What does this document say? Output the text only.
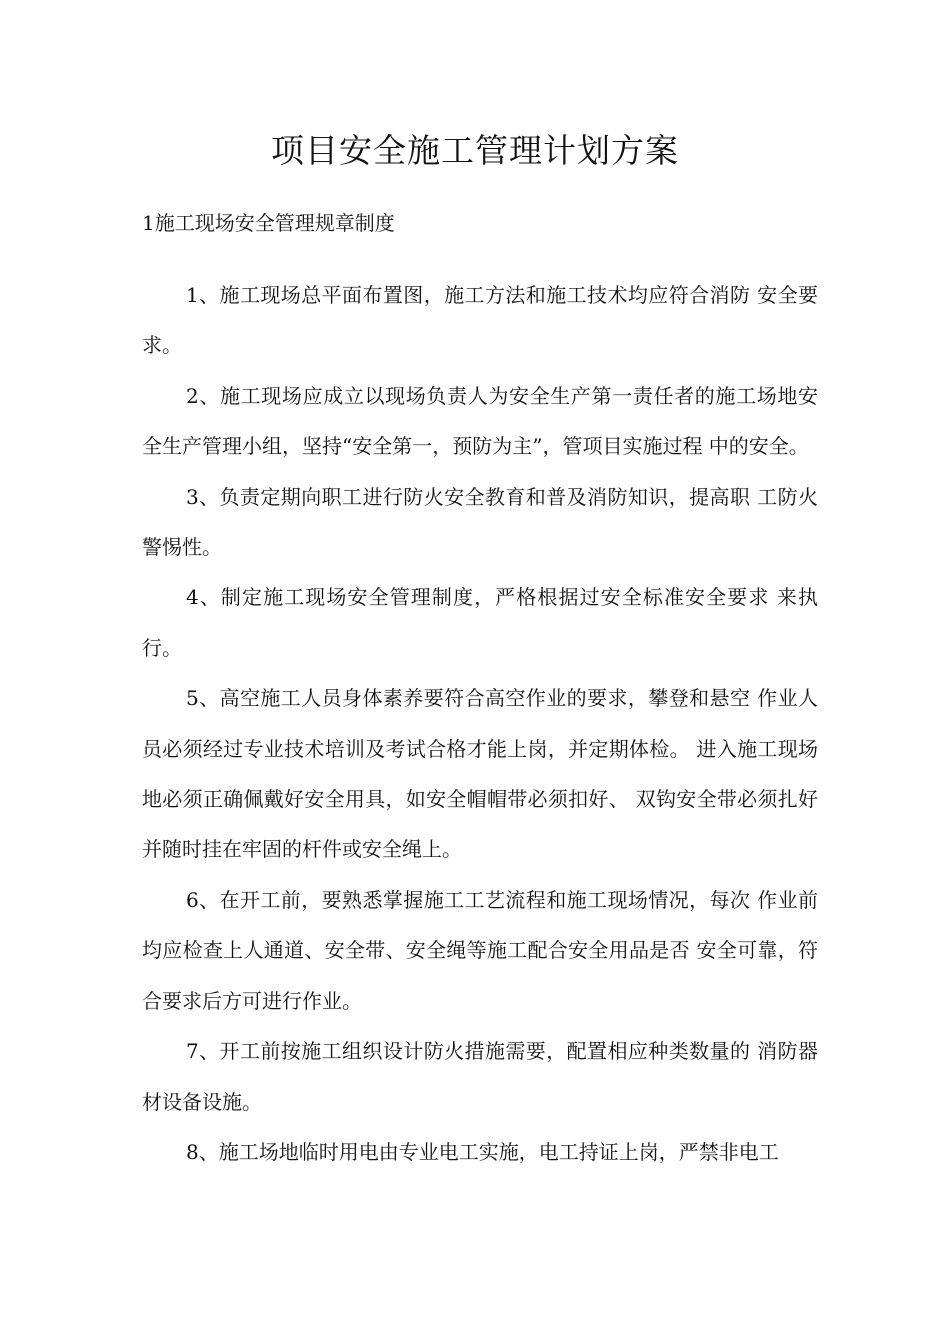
项目安全施工管理计划方案
1施工现场安全管理规章制度

1、施工现场总平面布置图，施工方法和施工技术均应符合消防 安全要求。

2、施工现场应成立以现场负责人为安全生产第一责任者的施工场地安全生产管理小组，坚持“安全第一，预防为主”，管项目实施过程 中的安全。

3、负责定期向职工进行防火安全教育和普及消防知识，提高职 工防火警惕性。

4、制定施工现场安全管理制度，严格根据过安全标准安全要求 来执行。

5、高空施工人员身体素养要符合高空作业的要求，攀登和悬空 作业人员必须经过专业技术培训及考试合格才能上岗，并定期体检。 进入施工现场地必须正确佩戴好安全用具，如安全帽帽带必须扣好、 双钩安全带必须扎好并随时挂在牢固的杆件或安全绳上。

6、在开工前，要熟悉掌握施工工艺流程和施工现场情况，每次 作业前均应检查上人通道、安全带、安全绳等施工配合安全用品是否 安全可靠，符合要求后方可进行作业。

7、开工前按施工组织设计防火措施需要，配置相应种类数量的 消防器材设备设施。

8、施工场地临时用电由专业电工实施，电工持证上岗，严禁非电工
